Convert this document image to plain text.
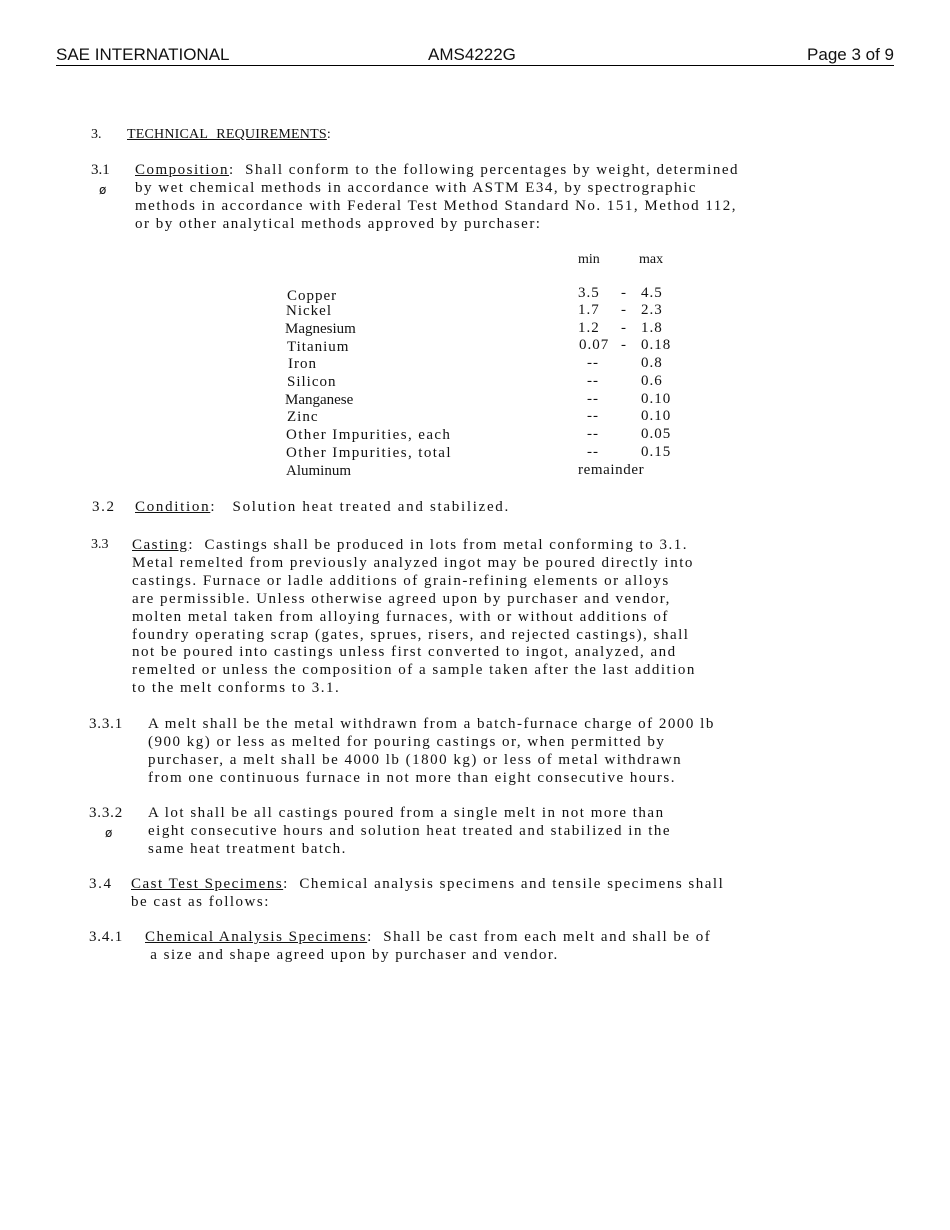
SAE INTERNATIONAL	AMS4222G	Page 3 of 9
3. TECHNICAL REQUIREMENTS:
3.1
ø
Composition:  Shall conform to the following percentages by weight, determined
by wet chemical methods in accordance with ASTM E34, by spectrographic
methods in accordance with Federal Test Method Standard No. 151, Method 112,
or by other analytical methods approved by purchaser:
min	max
Copper	3.5 - 4.5
Nickel	1.7 - 2.3
Magnesium	1.2 - 1.8
Titanium	0.07 - 0.18
Iron	--	0.8
Silicon	--	0.6
Manganese	--	0.10
Zinc	--	0.10
Other Impurities, each	--	0.05
Other Impurities, total	--	0.15
Aluminum	remainder
3.2 Condition:   Solution heat treated and stabilized.
3.3 Casting:  Castings shall be produced in lots from metal conforming to 3.1.
Metal remelted from previously analyzed ingot may be poured directly into
castings. Furnace or ladle additions of grain-refining elements or alloys
are permissible. Unless otherwise agreed upon by purchaser and vendor,
molten metal taken from alloying furnaces, with or without additions of
foundry operating scrap (gates, sprues, risers, and rejected castings), shall
not be poured into castings unless first converted to ingot, analyzed, and
remelted or unless the composition of a sample taken after the last addition
to the melt conforms to 3.1.
3.3.1 A melt shall be the metal withdrawn from a batch-furnace charge of 2000 lb
(900 kg) or less as melted for pouring castings or, when permitted by
purchaser, a melt shall be 4000 lb (1800 kg) or less of metal withdrawn
from one continuous furnace in not more than eight consecutive hours.
3.3.2
ø
A lot shall be all castings poured from a single melt in not more than
eight consecutive hours and solution heat treated and stabilized in the
same heat treatment batch.
3.4 Cast Test Specimens:  Chemical analysis specimens and tensile specimens shall
be cast as follows:
3.4.1 Chemical Analysis Specimens:  Shall be cast from each melt and shall be of
a size and shape agreed upon by purchaser and vendor.
